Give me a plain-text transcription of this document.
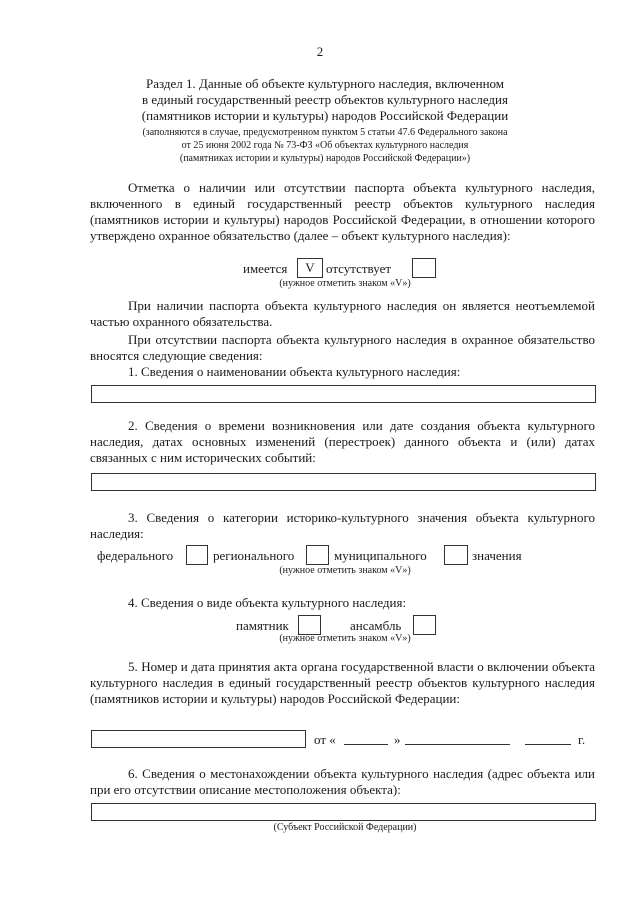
2
Раздел 1. Данные об объекте культурного наследия, включенном
в единый государственный реестр объектов культурного наследия
(памятников истории и культуры) народов Российской Федерации
(заполняются в случае, предусмотренном пунктом 5 статьи 47.6 Федерального закона
от 25 июня 2002 года № 73-ФЗ «Об объектах культурного наследия
(памятниках истории и культуры) народов Российской Федерации»)
Отметка о наличии или отсутствии паспорта объекта культурного наследия, включенного в единый государственный реестр объектов культурного наследия (памятников истории и культуры) народов Российской Федерации, в отношении которого утверждено охранное обязательство (далее – объект культурного наследия):
имеется	V отсутствует
(нужное отметить знаком «V»)
При наличии паспорта объекта культурного наследия он является неотъемлемой частью охранного обязательства.
При отсутствии паспорта объекта культурного наследия в охранное обязательство вносятся следующие сведения:
1. Сведения о наименовании объекта культурного наследия:
2. Сведения о времени возникновения или дате создания объекта культурного наследия, датах основных изменений (перестроек) данного объекта и (или) датах связанных с ним исторических событий:
3. Сведения о категории историко-культурного значения объекта культурного наследия:
федерального	регионального	муниципального	значения
(нужное отметить знаком «V»)
4. Сведения о виде объекта культурного наследия:
памятник	ансамбль
(нужное отметить знаком «V»)
5. Номер и дата принятия акта органа государственной власти о включении объекта культурного наследия в единый государственный реестр объектов культурного наследия (памятников истории и культуры) народов Российской Федерации:
от «	»	г.
6. Сведения о местонахождении объекта культурного наследия (адрес объекта или при его отсутствии описание местоположения объекта):
(Субъект Российской Федерации)
